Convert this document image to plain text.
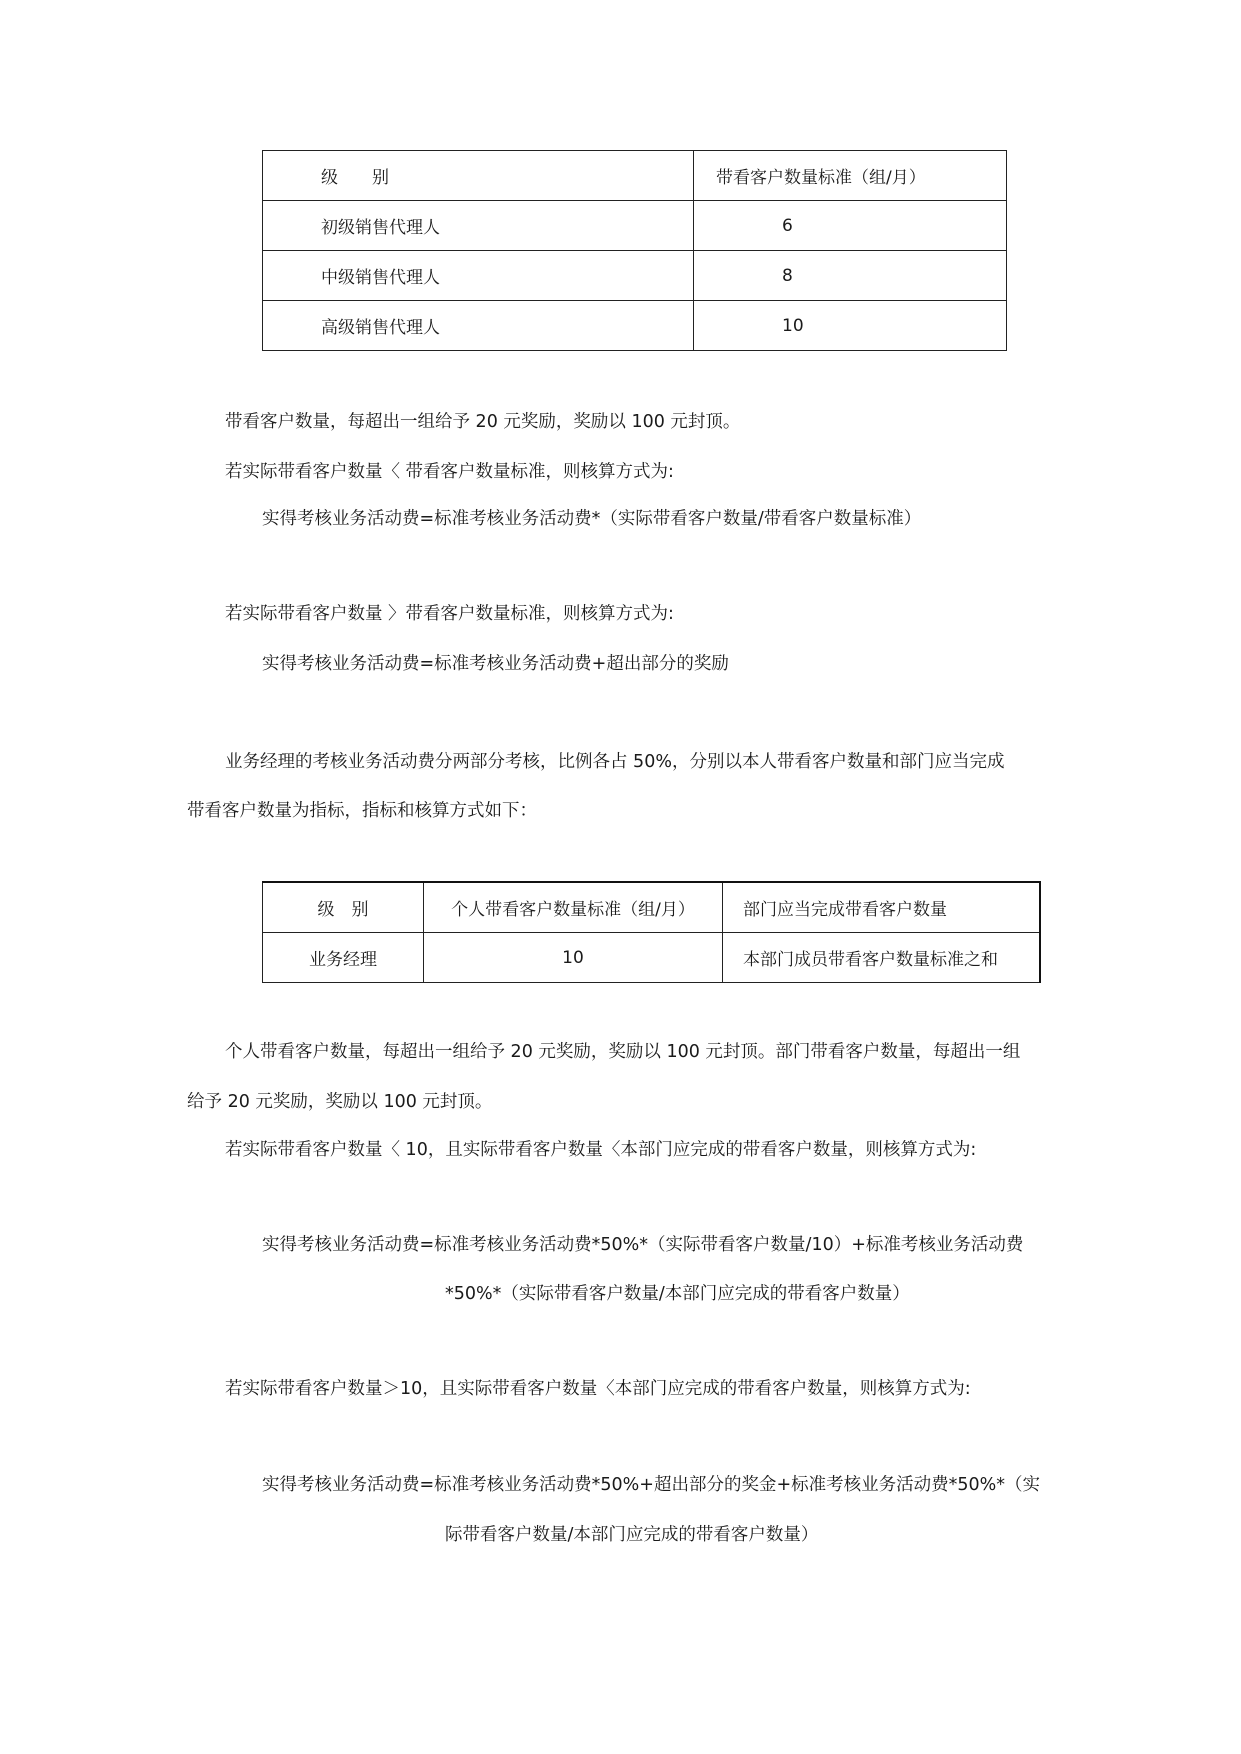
级　　别	带看客户数量标准（组/月）
初级销售代理人	6
中级销售代理人	8
高级销售代理人	10

带看客户数量，每超出一组给予 20 元奖励，奖励以 100 元封顶。

若实际带看客户数量〈 带看客户数量标准，则核算方式为:

实得考核业务活动费=标准考核业务活动费*（实际带看客户数量/带看客户数量标准）

若实际带看客户数量 〉带看客户数量标准，则核算方式为:

实得考核业务活动费=标准考核业务活动费+超出部分的奖励

业务经理的考核业务活动费分两部分考核，比例各占 50%，分别以本人带看客户数量和部门应当完成

带看客户数量为指标，指标和核算方式如下：

级　别	个人带看客户数量标准（组/月）	部门应当完成带看客户数量
业务经理	10	本部门成员带看客户数量标准之和

个人带看客户数量，每超出一组给予 20 元奖励，奖励以 100 元封顶。部门带看客户数量，每超出一组

给予 20 元奖励，奖励以 100 元封顶。

若实际带看客户数量〈 10，且实际带看客户数量〈本部门应完成的带看客户数量，则核算方式为:

实得考核业务活动费=标准考核业务活动费*50%*（实际带看客户数量/10）+标准考核业务活动费

*50%*（实际带看客户数量/本部门应完成的带看客户数量）

若实际带看客户数量＞10，且实际带看客户数量〈本部门应完成的带看客户数量，则核算方式为:

实得考核业务活动费=标准考核业务活动费*50%+超出部分的奖金+标准考核业务活动费*50%*（实

际带看客户数量/本部门应完成的带看客户数量）
